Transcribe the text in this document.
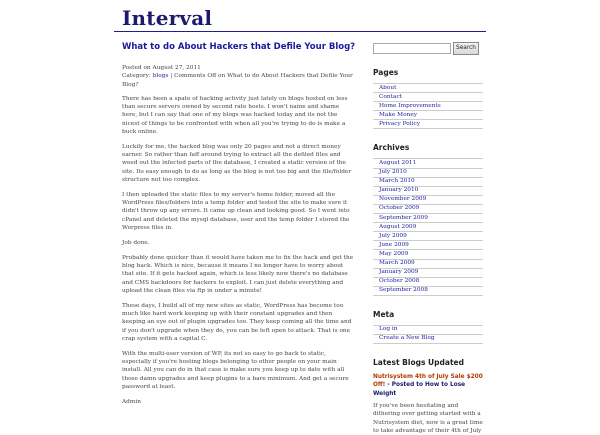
Interval
What to do About Hackers that Defile Your Blog?
Posted on August 27, 2011
Category: blogs | Comments Off on What to do About Hackers that Defile Your Blog?
There has been a spate of hacking activity just lately on blogs hosted on less than secure servers owned by second rate hosts. I won't name and shame here, but I can say that one of my blogs was hacked today and its not the nicest of things to be confronted with when all you're trying to do is make a buck online.
Luckily for me, the hacked blog was only 20 pages and not a direct money earner. So rather than faff around trying to extract all the defiled files and weed out the infected parts of the database, I created a static version of the site. Its easy enough to do as long as the blog is not too big and the file/folder structure not too complex.
I then uploaded the static files to my server's home folder, moved all the WordPress files/folders into a temp folder and tested the site to make sure it didn't throw up any errors. It came up clean and looking good. So I went into cPanel and deleted the mysql database, user and the temp folder I stored the Worpress files in.
Job done.
Probably done quicker than it would have taken me to fix the hack and get the blog back. Which is nice, because it means I no longer have to worry about that site. If it gets hacked again, which is less likely now there's no database and CMS backdoors for hackers to exploit. I can just delete everything and upload the clean files via ftp in under a minute!
These days, I build all of my new sites as static, WordPress has become too much like hard work keeping up with their constant upgrades and then keeping an eye out of plugin upgrades too. They keep coming all the time and if you don't upgrade when they do, you can be left open to attack. That is one crap system with a capital C.
With the multi-user version of WP, its not so easy to go back to static, especially if you're hosting blogs belonging to other people on your main install. All you can do in that case is make sure you keep up to date with all those damn upgrades and keep plugins to a bare minimum. And get a secure password at least.
Admin
Search
Pages
About
Contact
Home Improvements
Make Money
Privacy Policy
Archives
August 2011
July 2010
March 2010
January 2010
November 2009
October 2009
September 2009
August 2009
July 2009
June 2009
May 2009
March 2009
January 2009
October 2008
September 2008
Meta
Log in
Create a New Blog
Latest Blogs Updated
Nutrisystem 4th of July Sale $200 Off! - Posted to How to Lose Weight
If you've been hesitating and dithering over getting started with a Nutrisystem diet, now is a great time to take advantage of their 4th of July
